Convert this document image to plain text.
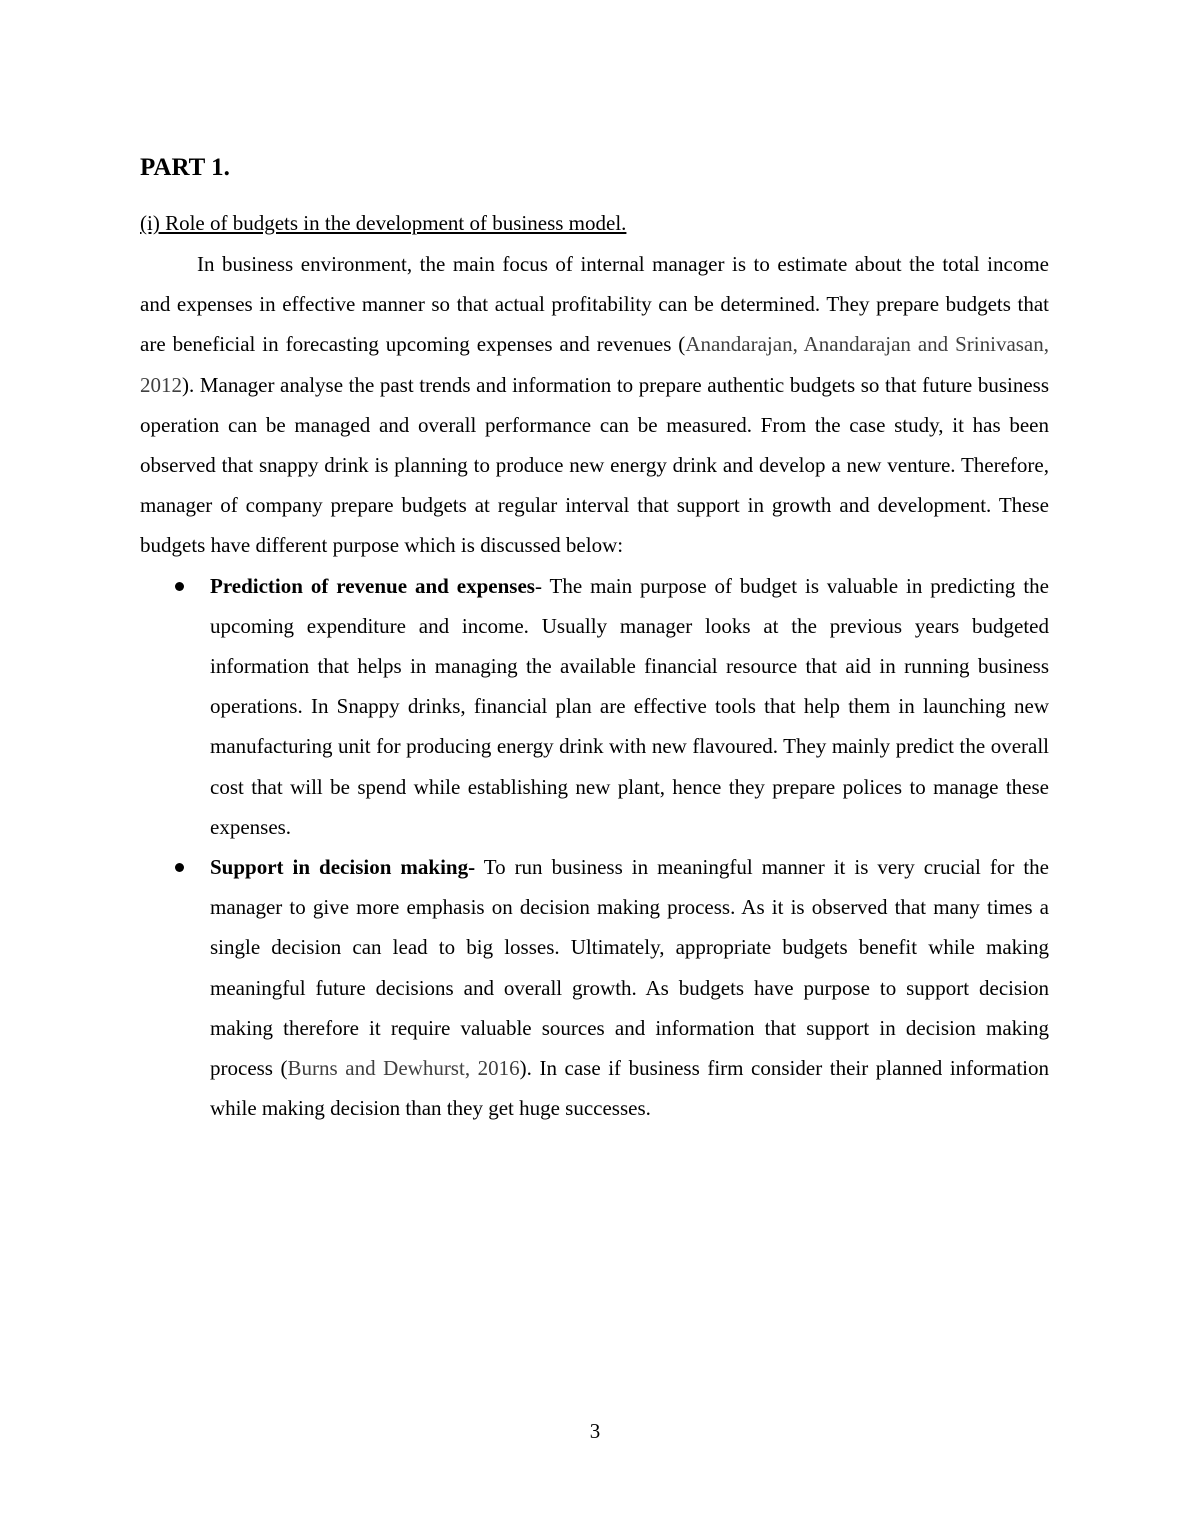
PART 1.
(i) Role of budgets in the development of business model.

In business environment, the main focus of internal manager is to estimate about the total income and expenses in effective manner so that actual profitability can be determined. They prepare budgets that are beneficial in forecasting upcoming expenses and revenues (Anandarajan, Anandarajan and Srinivasan, 2012). Manager analyse the past trends and information to prepare authentic budgets so that future business operation can be managed and overall performance can be measured. From the case study, it has been observed that snappy drink is planning to produce new energy drink and develop a new venture. Therefore, manager of company prepare budgets at regular interval that support in growth and development. These budgets have different purpose which is discussed below:

Prediction of revenue and expenses- The main purpose of budget is valuable in predicting the upcoming expenditure and income. Usually manager looks at the previous years budgeted information that helps in managing the available financial resource that aid in running business operations. In Snappy drinks, financial plan are effective tools that help them in launching new manufacturing unit for producing energy drink with new flavoured. They mainly predict the overall cost that will be spend while establishing new plant, hence they prepare polices to manage these expenses.
Support in decision making- To run business in meaningful manner it is very crucial for the manager to give more emphasis on decision making process. As it is observed that many times a single decision can lead to big losses. Ultimately, appropriate budgets benefit while making meaningful future decisions and overall growth. As budgets have purpose to support decision making therefore it require valuable sources and information that support in decision making process (Burns and Dewhurst, 2016). In case if business firm consider their planned information while making decision than they get huge successes.
3
